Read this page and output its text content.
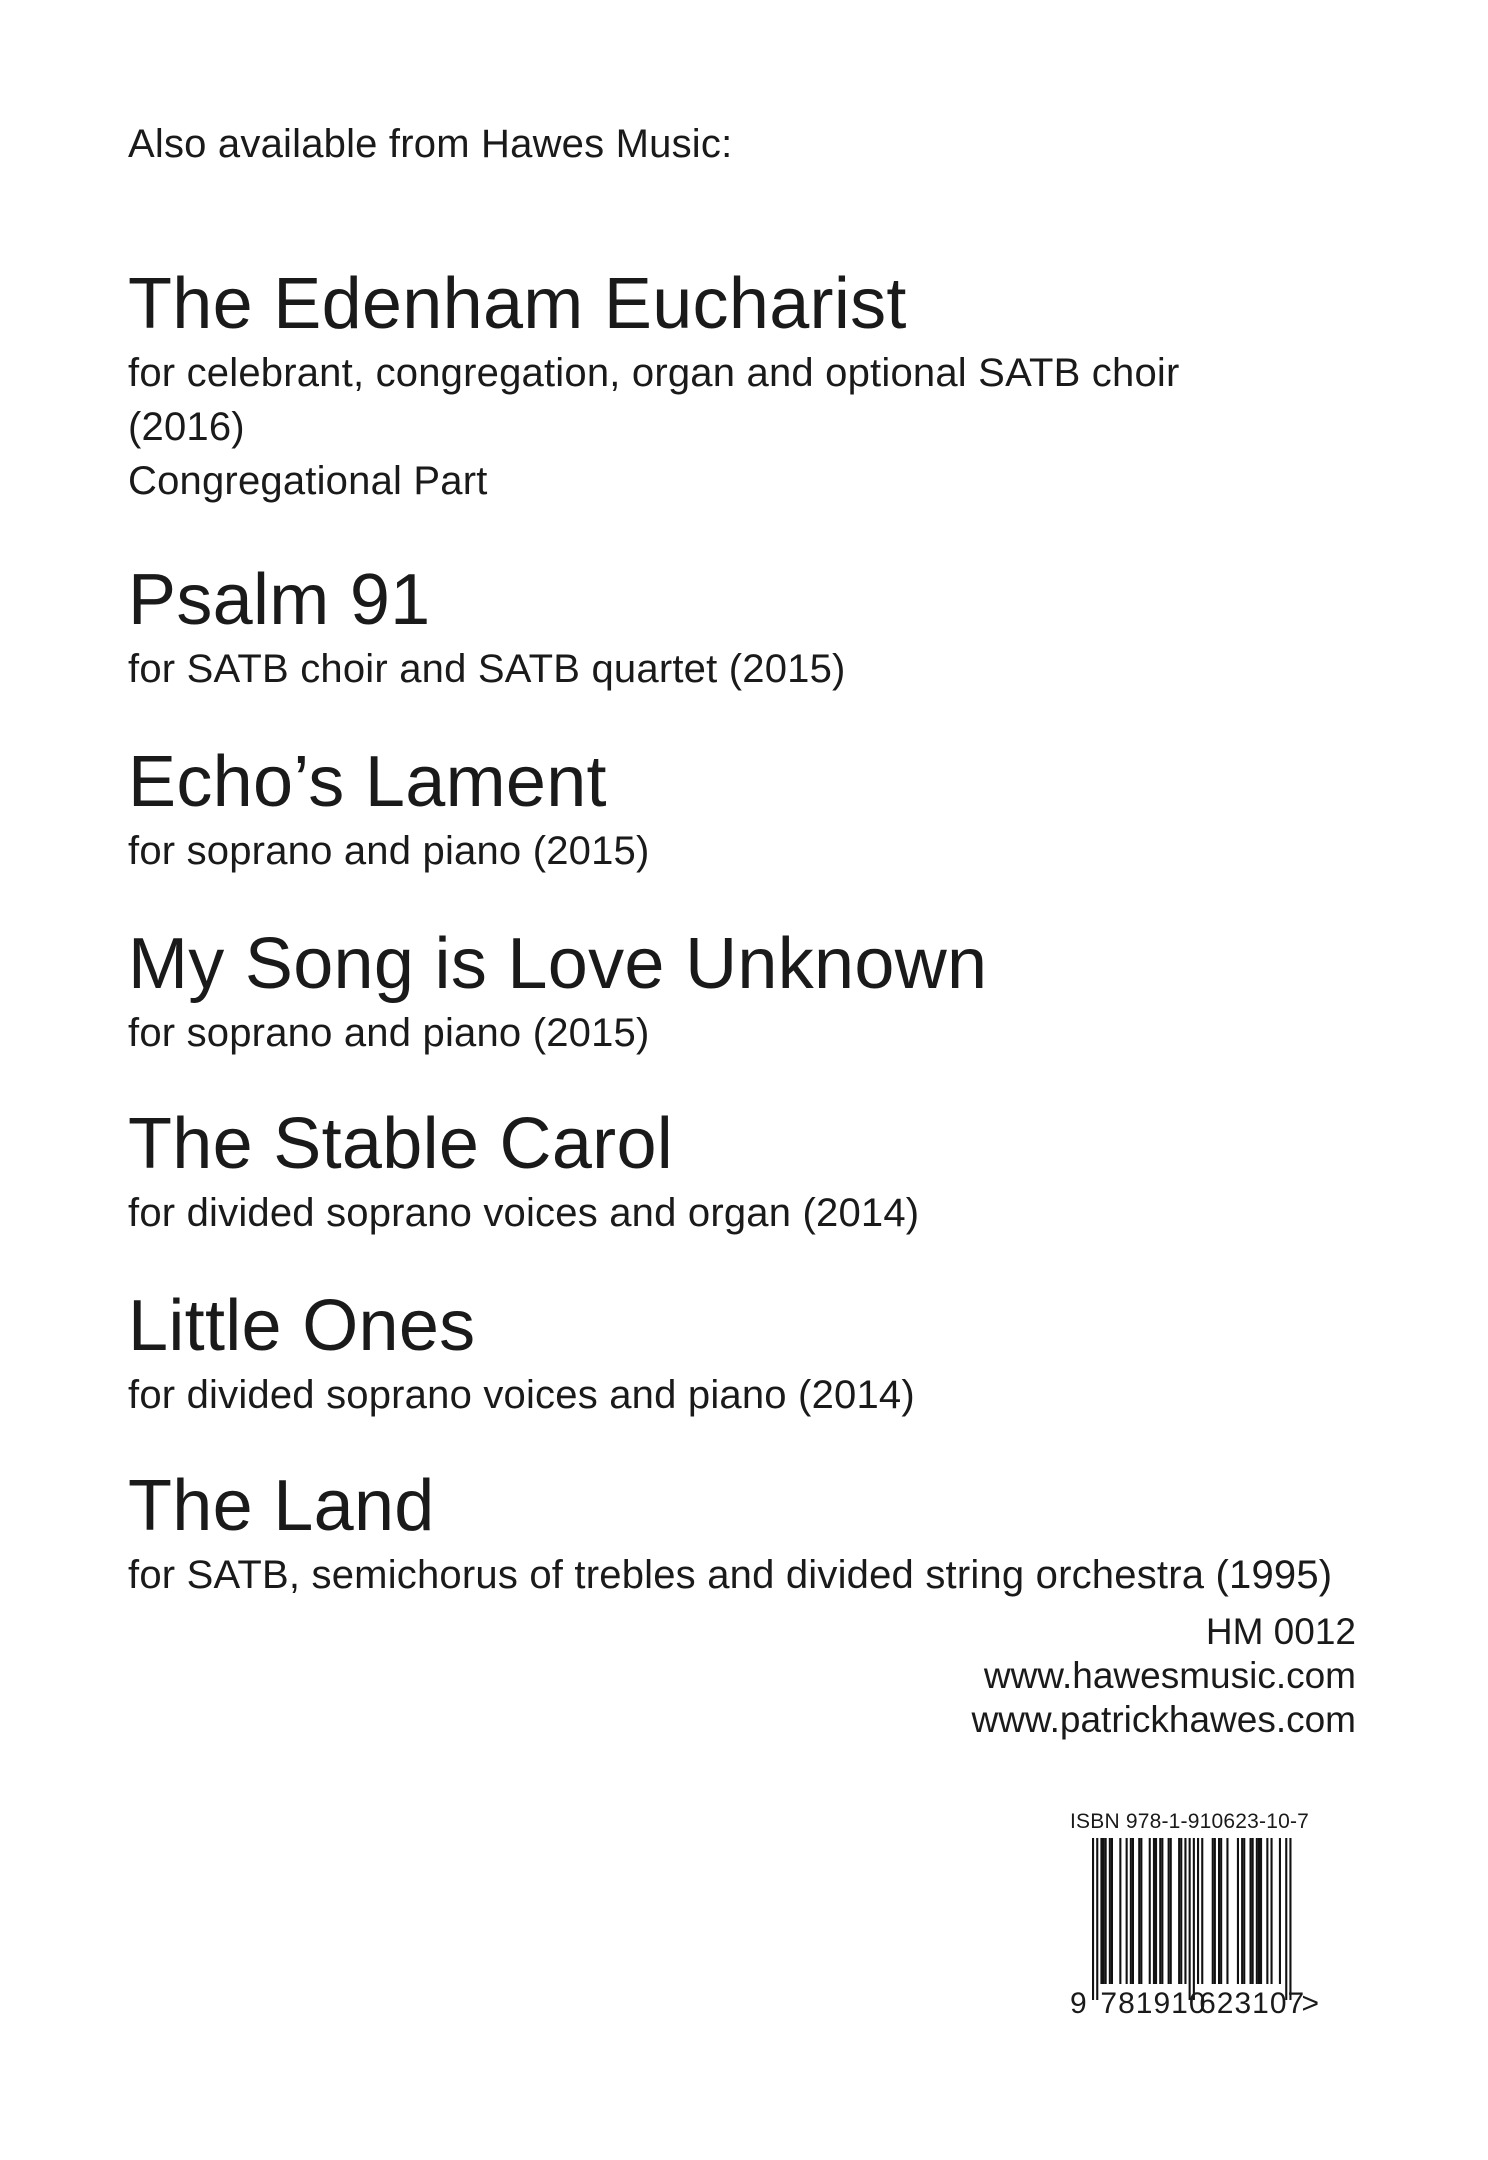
Also available from Hawes Music:
The Edenham Eucharist
for celebrant, congregation, organ and optional SATB choir
(2016)
Congregational Part
Psalm 91
for SATB choir and SATB quartet (2015)
Echo’s Lament
for soprano and piano (2015)
My Song is Love Unknown
for soprano and piano (2015)
The Stable Carol
for divided soprano voices and organ (2014)
Little Ones
for divided soprano voices and piano (2014)
The Land
for SATB, semichorus of trebles and divided string orchestra (1995)
HM 0012
www.hawesmusic.com
www.patrickhawes.com
ISBN 978-1-910623-10-7
9 781910
623107
>
